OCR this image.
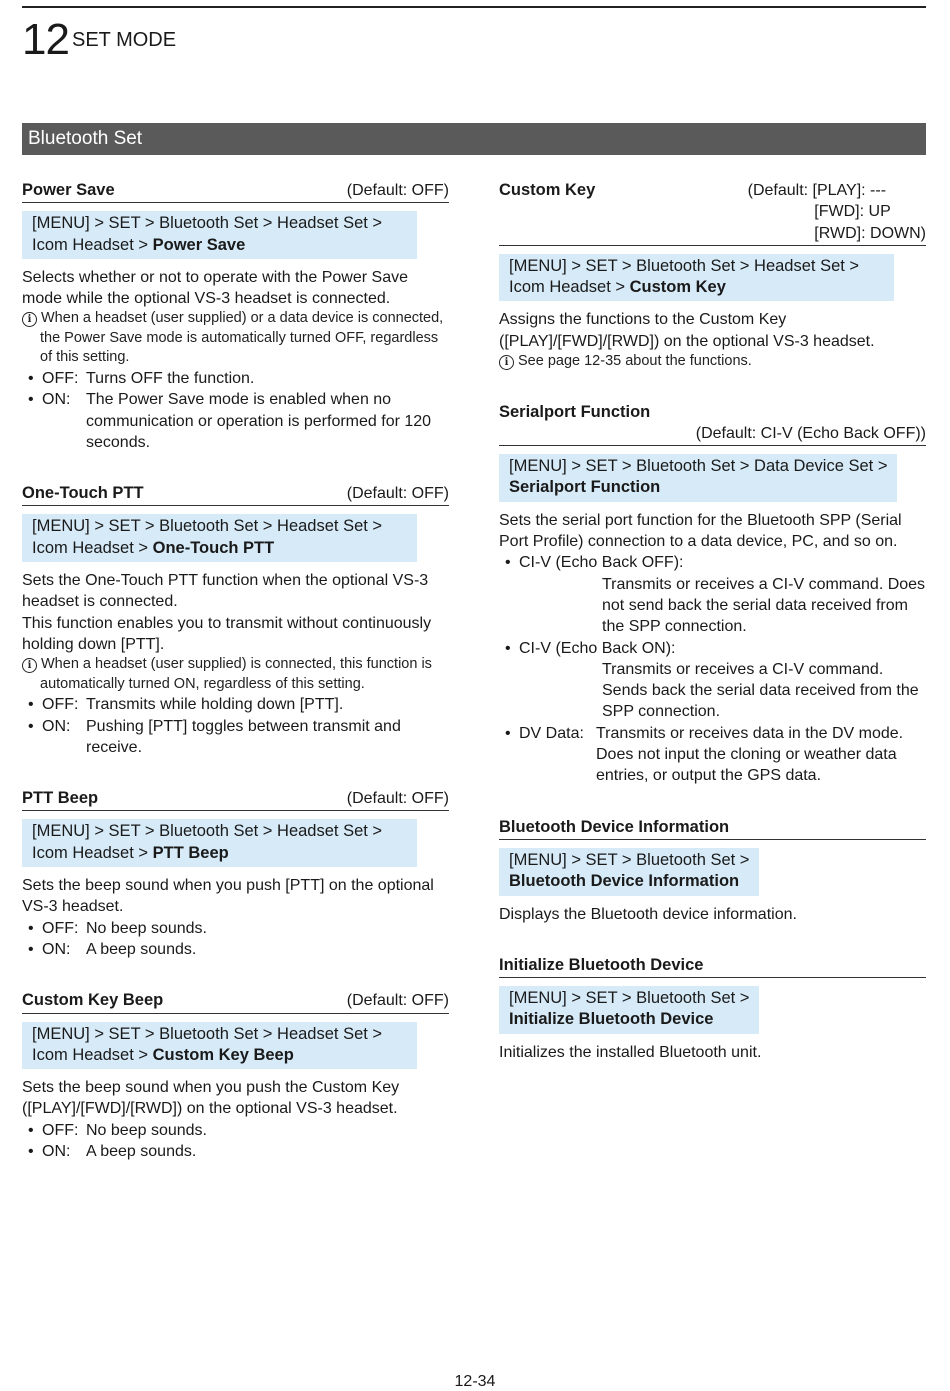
12 SET MODE
Bluetooth Set
Power Save	(Default: OFF)
[MENU] > SET > Bluetooth Set > Headset Set > Icom Headset > Power Save

Selects whether or not to operate with the Power Save mode while the optional VS-3 headset is connected.

i When a headset (user supplied) or a data device is connected, the Power Save mode is automatically turned OFF, regardless of this setting.

• OFF: Turns OFF the function.
• ON: The Power Save mode is enabled when no communication or operation is performed for 120 seconds.
One-Touch PTT	(Default: OFF)
[MENU] > SET > Bluetooth Set > Headset Set > Icom Headset > One-Touch PTT

Sets the One-Touch PTT function when the optional VS-3 headset is connected.

This function enables you to transmit without continuously holding down [PTT].

i When a headset (user supplied) is connected, this function is automatically turned ON, regardless of this setting.

• OFF: Transmits while holding down [PTT].
• ON: Pushing [PTT] toggles between transmit and receive.
PTT Beep	(Default: OFF)
[MENU] > SET > Bluetooth Set > Headset Set > Icom Headset > PTT Beep

Sets the beep sound when you push [PTT] on the optional VS-3 headset.

• OFF: No beep sounds.
• ON: A beep sounds.
Custom Key Beep	(Default: OFF)
[MENU] > SET > Bluetooth Set > Headset Set > Icom Headset > Custom Key Beep

Sets the beep sound when you push the Custom Key ([PLAY]/[FWD]/[RWD]) on the optional VS-3 headset.

• OFF: No beep sounds.
• ON: A beep sounds.
Custom Key	(Default: [PLAY]: ---
[FWD]: UP
[RWD]: DOWN)
[MENU] > SET > Bluetooth Set > Headset Set > Icom Headset > Custom Key

Assigns the functions to the Custom Key ([PLAY]/[FWD]/[RWD]) on the optional VS-3 headset.

i See page 12-35 about the functions.

Serialport Function
(Default: CI-V (Echo Back OFF))
[MENU] > SET > Bluetooth Set > Data Device Set >
Serialport Function

Sets the serial port function for the Bluetooth SPP (Serial Port Profile) connection to a data device, PC, and so on.

• CI-V (Echo Back OFF):
Transmits or receives a CI-V command. Does not send back the serial data received from the SPP connection.
• CI-V (Echo Back ON):
Transmits or receives a CI-V command. Sends back the serial data received from the SPP connection.
• DV Data: Transmits or receives data in the DV mode.
Does not input the cloning or weather data entries, or output the GPS data.
Bluetooth Device Information
[MENU] > SET > Bluetooth Set >
Bluetooth Device Information

Displays the Bluetooth device information.

Initialize Bluetooth Device
[MENU] > SET > Bluetooth Set >
Initialize Bluetooth Device

Initializes the installed Bluetooth unit.

12-34
